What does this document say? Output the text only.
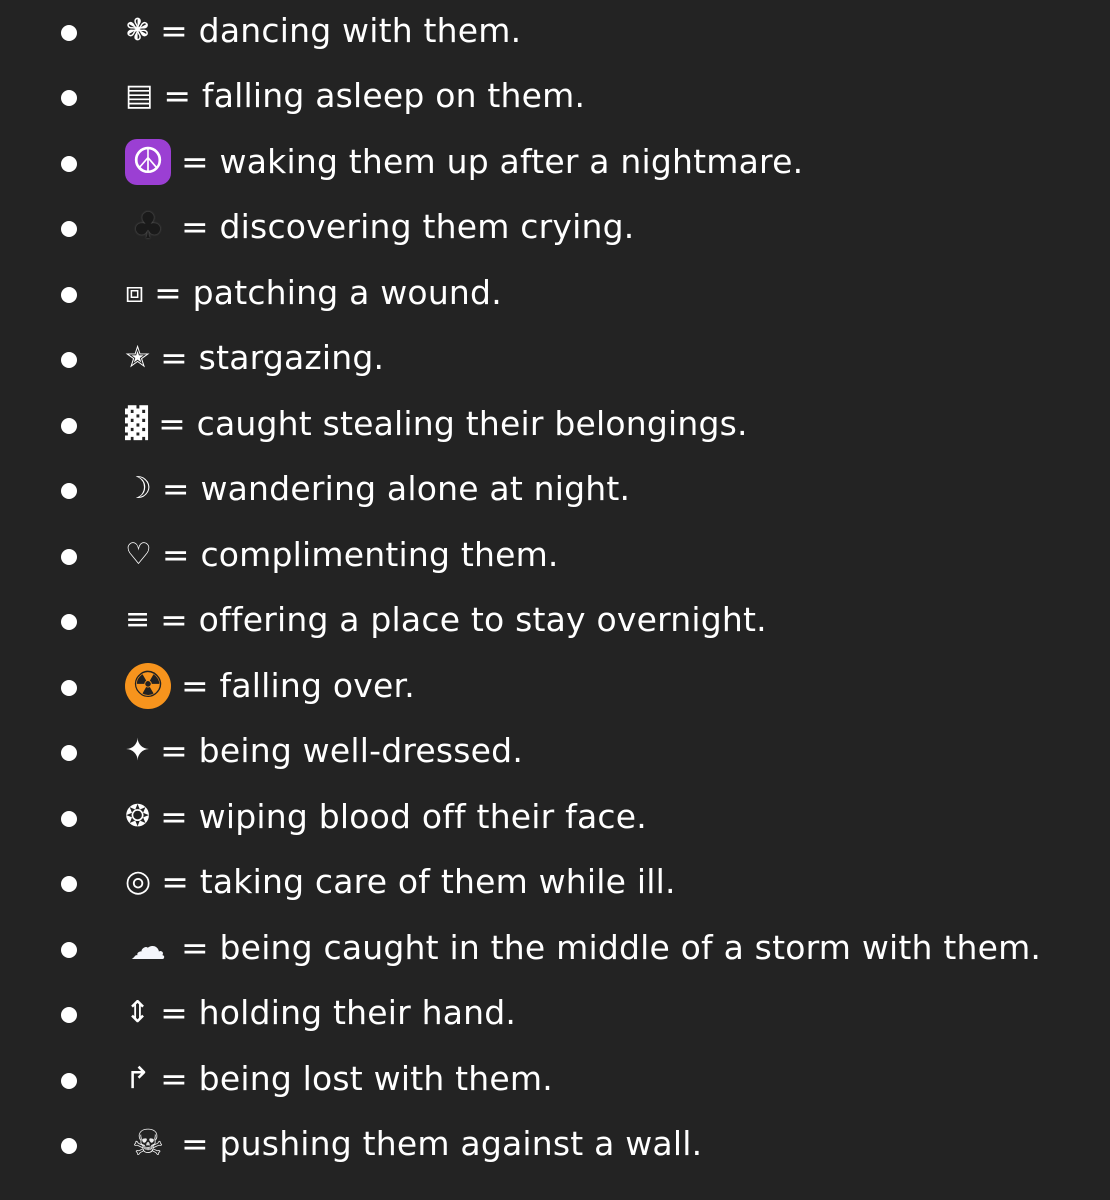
❃ = dancing with them.
▤ = falling asleep on them.
☮ = waking them up after a nightmare.
♣ = discovering them crying.
⧈ = patching a wound.
✭ = stargazing.
▓ = caught stealing their belongings.
☽ = wandering alone at night.
♡ = complimenting them.
≡ = offering a place to stay overnight.
☢ = falling over.
✦ = being well-dressed.
❂ = wiping blood off their face.
◎ = taking care of them while ill.
☁ = being caught in the middle of a storm with them.
⇕ = holding their hand.
↱ = being lost with them.
☠ = pushing them against a wall.
